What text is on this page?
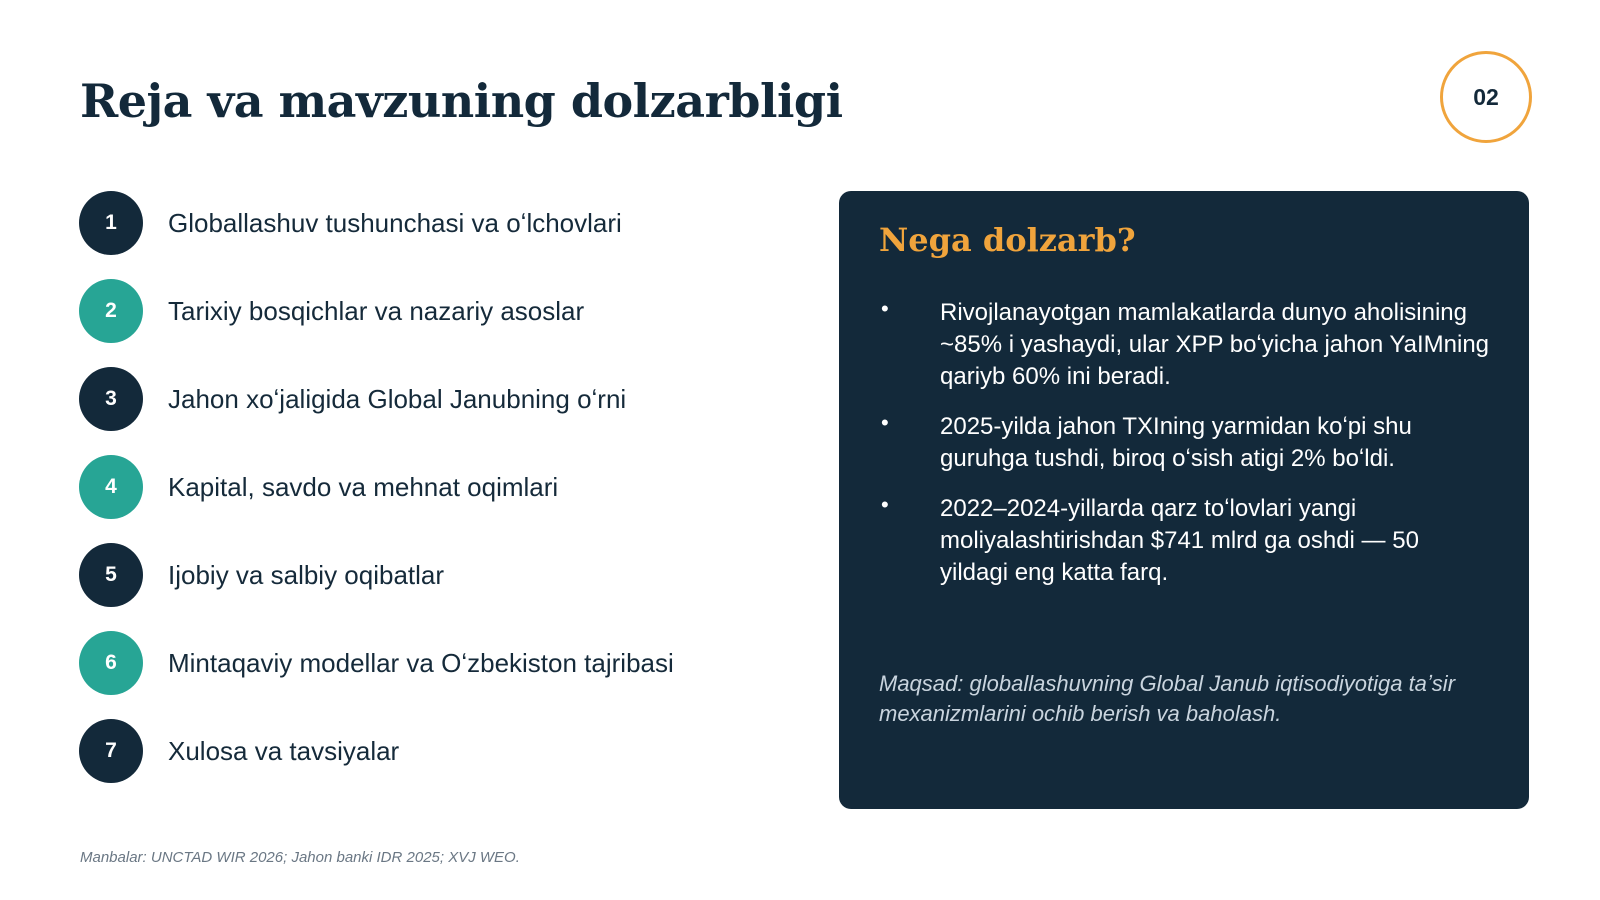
Reja va mavzuning dolzarbligi	02
1	Globallashuv tushunchasi va oʻlchovlari
2	Tarixiy bosqichlar va nazariy asoslar
3	Jahon xoʻjaligida Global Janubning oʻrni
4	Kapital, savdo va mehnat oqimlari
5	Ijobiy va salbiy oqibatlar
6	Mintaqaviy modellar va Oʻzbekiston tajribasi
7	Xulosa va tavsiyalar
Nega dolzarb?
• Rivojlanayotgan mamlakatlarda dunyo aholisining ~85% i yashaydi, ular XPP boʻyicha jahon YaIMning qariyb 60% ini beradi.
• 2025-yilda jahon TXIning yarmidan koʻpi shu guruhga tushdi, biroq oʻsish atigi 2% boʻldi.
• 2022–2024-yillarda qarz toʻlovlari yangi moliyalashtirishdan $741 mlrd ga oshdi — 50 yildagi eng katta farq.

Maqsad: globallashuvning Global Janub iqtisodiyotiga taʼsir mexanizmlarini ochib berish va baholash.

Manbalar: UNCTAD WIR 2026; Jahon banki IDR 2025; XVJ WEO.
